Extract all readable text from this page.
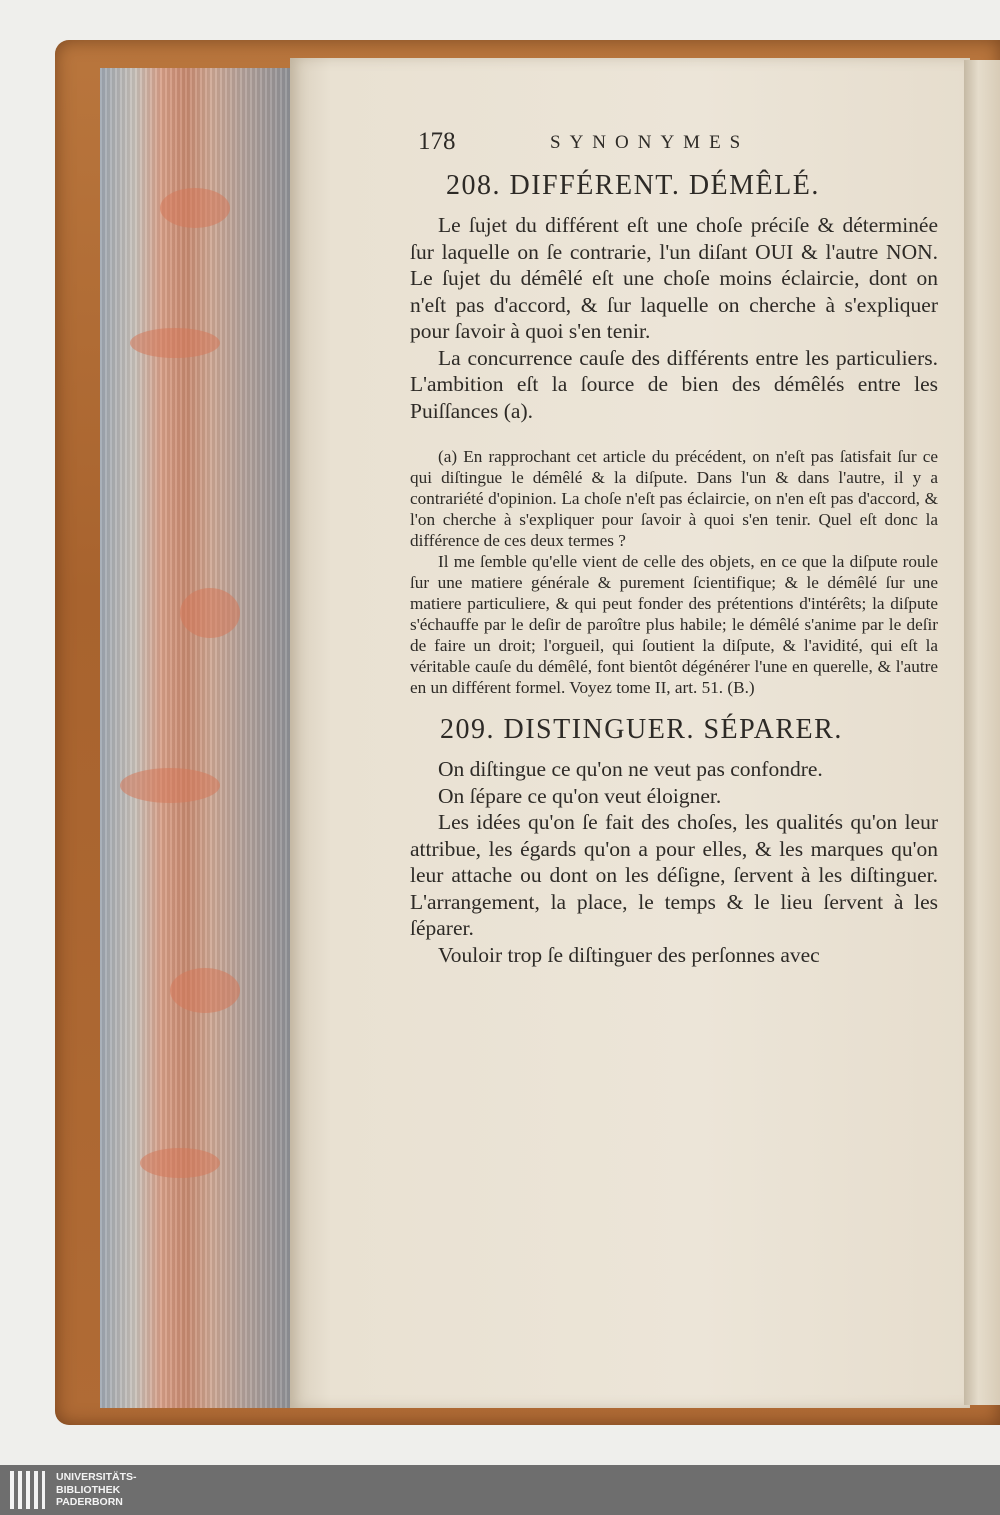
178	SYNONYMES
208. DIFFÉRENT. DÉMÊLÉ.

Le ſujet du différent eſt une choſe préciſe & déterminée ſur laquelle on ſe contrarie, l'un diſant OUI & l'autre NON. Le ſujet du démêlé eſt une choſe moins éclaircie, dont on n'eſt pas d'accord, & ſur laquelle on cherche à s'expliquer pour ſavoir à quoi s'en tenir.

La concurrence cauſe des différents entre les particuliers. L'ambition eſt la ſource de bien des démêlés entre les Puiſſances (a).

(a) En rapprochant cet article du précédent, on n'eſt pas ſatisfait ſur ce qui diſtingue le démêlé & la diſpute. Dans l'un & dans l'autre, il y a contrariété d'opinion. La choſe n'eſt pas éclaircie, on n'en eſt pas d'accord, & l'on cherche à s'expliquer pour ſavoir à quoi s'en tenir. Quel eſt donc la différence de ces deux termes ?

Il me ſemble qu'elle vient de celle des objets, en ce que la diſpute roule ſur une matiere générale & purement ſcientifique; & le démêlé ſur une matiere particuliere, & qui peut fonder des prétentions d'intérêts; la diſpute s'échauffe par le deſir de paroître plus habile; le démêlé s'anime par le deſir de faire un droit; l'orgueil, qui ſoutient la diſpute, & l'avidité, qui eſt la véritable cauſe du démêlé, font bientôt dégénérer l'une en querelle, & l'autre en un différent formel. Voyez tome II, art. 51. (B.)

209. DISTINGUER. SÉPARER.

On diſtingue ce qu'on ne veut pas confondre.

On ſépare ce qu'on veut éloigner.

Les idées qu'on ſe fait des choſes, les qualités qu'on leur attribue, les égards qu'on a pour elles, & les marques qu'on leur attache ou dont on les déſigne, ſervent à les diſtinguer. L'arrangement, la place, le temps & le lieu ſervent à les ſéparer.

Vouloir trop ſe diſtinguer des perſonnes avec

UNIVERSITÄTS-
BIBLIOTHEK
PADERBORN
